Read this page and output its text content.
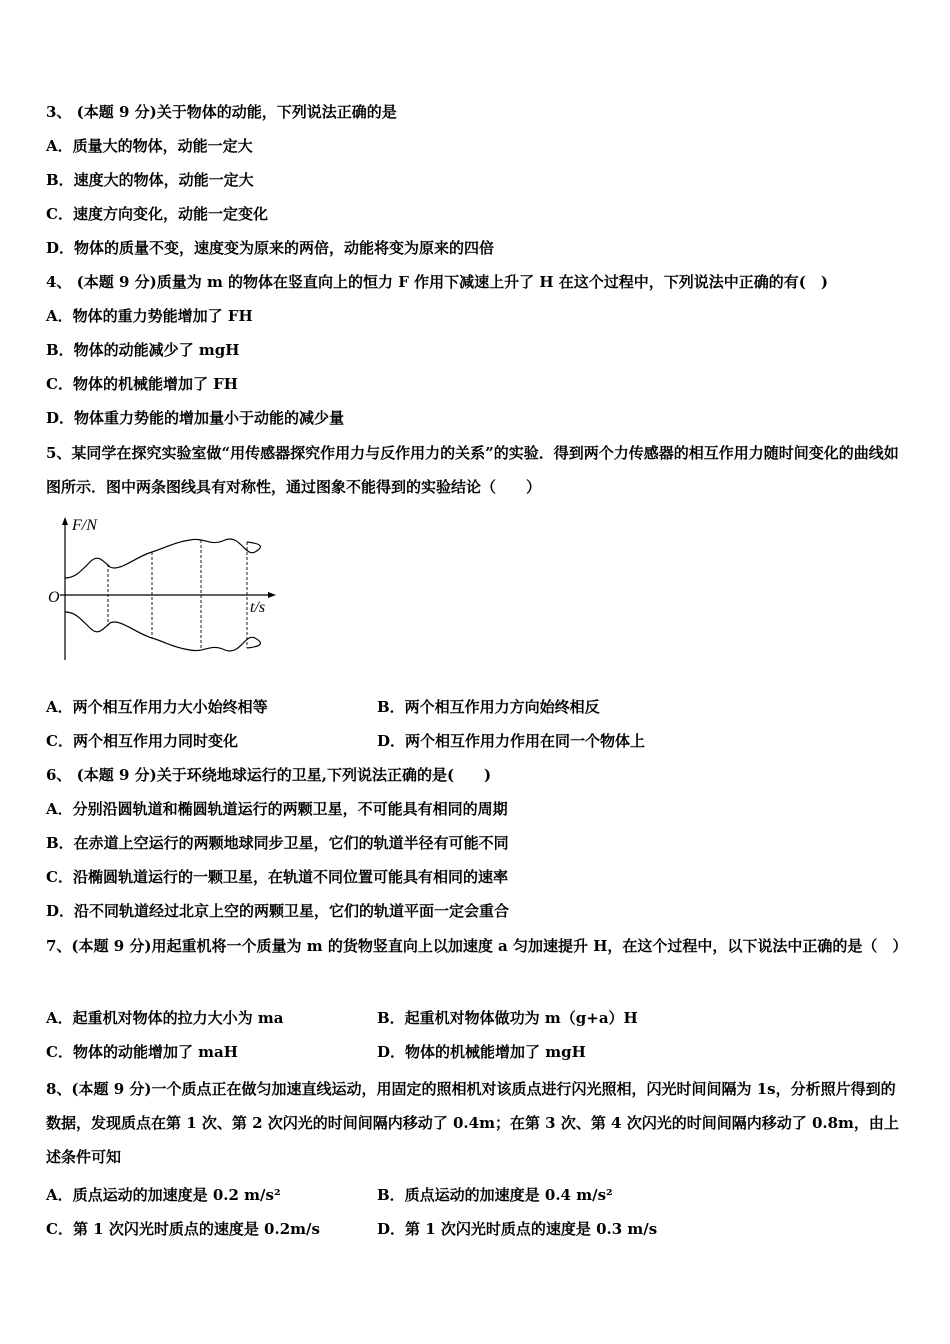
3、 (本题 9 分)关于物体的动能，下列说法正确的是
A．质量大的物体，动能一定大
B．速度大的物体，动能一定大
C．速度方向变化，动能一定变化
D．物体的质量不变，速度变为原来的两倍，动能将变为原来的四倍
4、 (本题 9 分)质量为 m 的物体在竖直向上的恒力 F 作用下减速上升了 H 在这个过程中，下列说法中正确的有(　)
A．物体的重力势能增加了 FH
B．物体的动能减少了 mgH
C．物体的机械能增加了 FH
D．物体重力势能的增加量小于动能的减少量
5、某同学在探究实验室做“用传感器探究作用力与反作用力的关系”的实验．得到两个力传感器的相互作用力随时间变化的曲线如图所示．图中两条图线具有对称性，通过图象不能得到的实验结论（　　）
F/N
t/s
O
A．两个相互作用力大小始终相等	B．两个相互作用力方向始终相反
C．两个相互作用力同时变化	D．两个相互作用力作用在同一个物体上
6、 (本题 9 分)关于环绕地球运行的卫星,下列说法正确的是(　　)
A．分别沿圆轨道和椭圆轨道运行的两颗卫星，不可能具有相同的周期
B．在赤道上空运行的两颗地球同步卫星，它们的轨道半径有可能不同
C．沿椭圆轨道运行的一颗卫星，在轨道不同位置可能具有相同的速率
D．沿不同轨道经过北京上空的两颗卫星，它们的轨道平面一定会重合
7、(本题 9 分)用起重机将一个质量为 m 的货物竖直向上以加速度 a 匀加速提升 H，在这个过程中，以下说法中正确的是（　）
A．起重机对物体的拉力大小为 ma	B．起重机对物体做功为 m（g+a）H
C．物体的动能增加了 maH	D．物体的机械能增加了 mgH
8、(本题 9 分)一个质点正在做匀加速直线运动，用固定的照相机对该质点进行闪光照相，闪光时间间隔为 1s，分析照片得到的数据，发现质点在第 1 次、第 2 次闪光的时间间隔内移动了 0.4m；在第 3 次、第 4 次闪光的时间间隔内移动了 0.8m，由上述条件可知
A．质点运动的加速度是 0.2 m/s²	B．质点运动的加速度是 0.4 m/s²
C．第 1 次闪光时质点的速度是 0.2m/s	D．第 1 次闪光时质点的速度是 0.3 m/s
